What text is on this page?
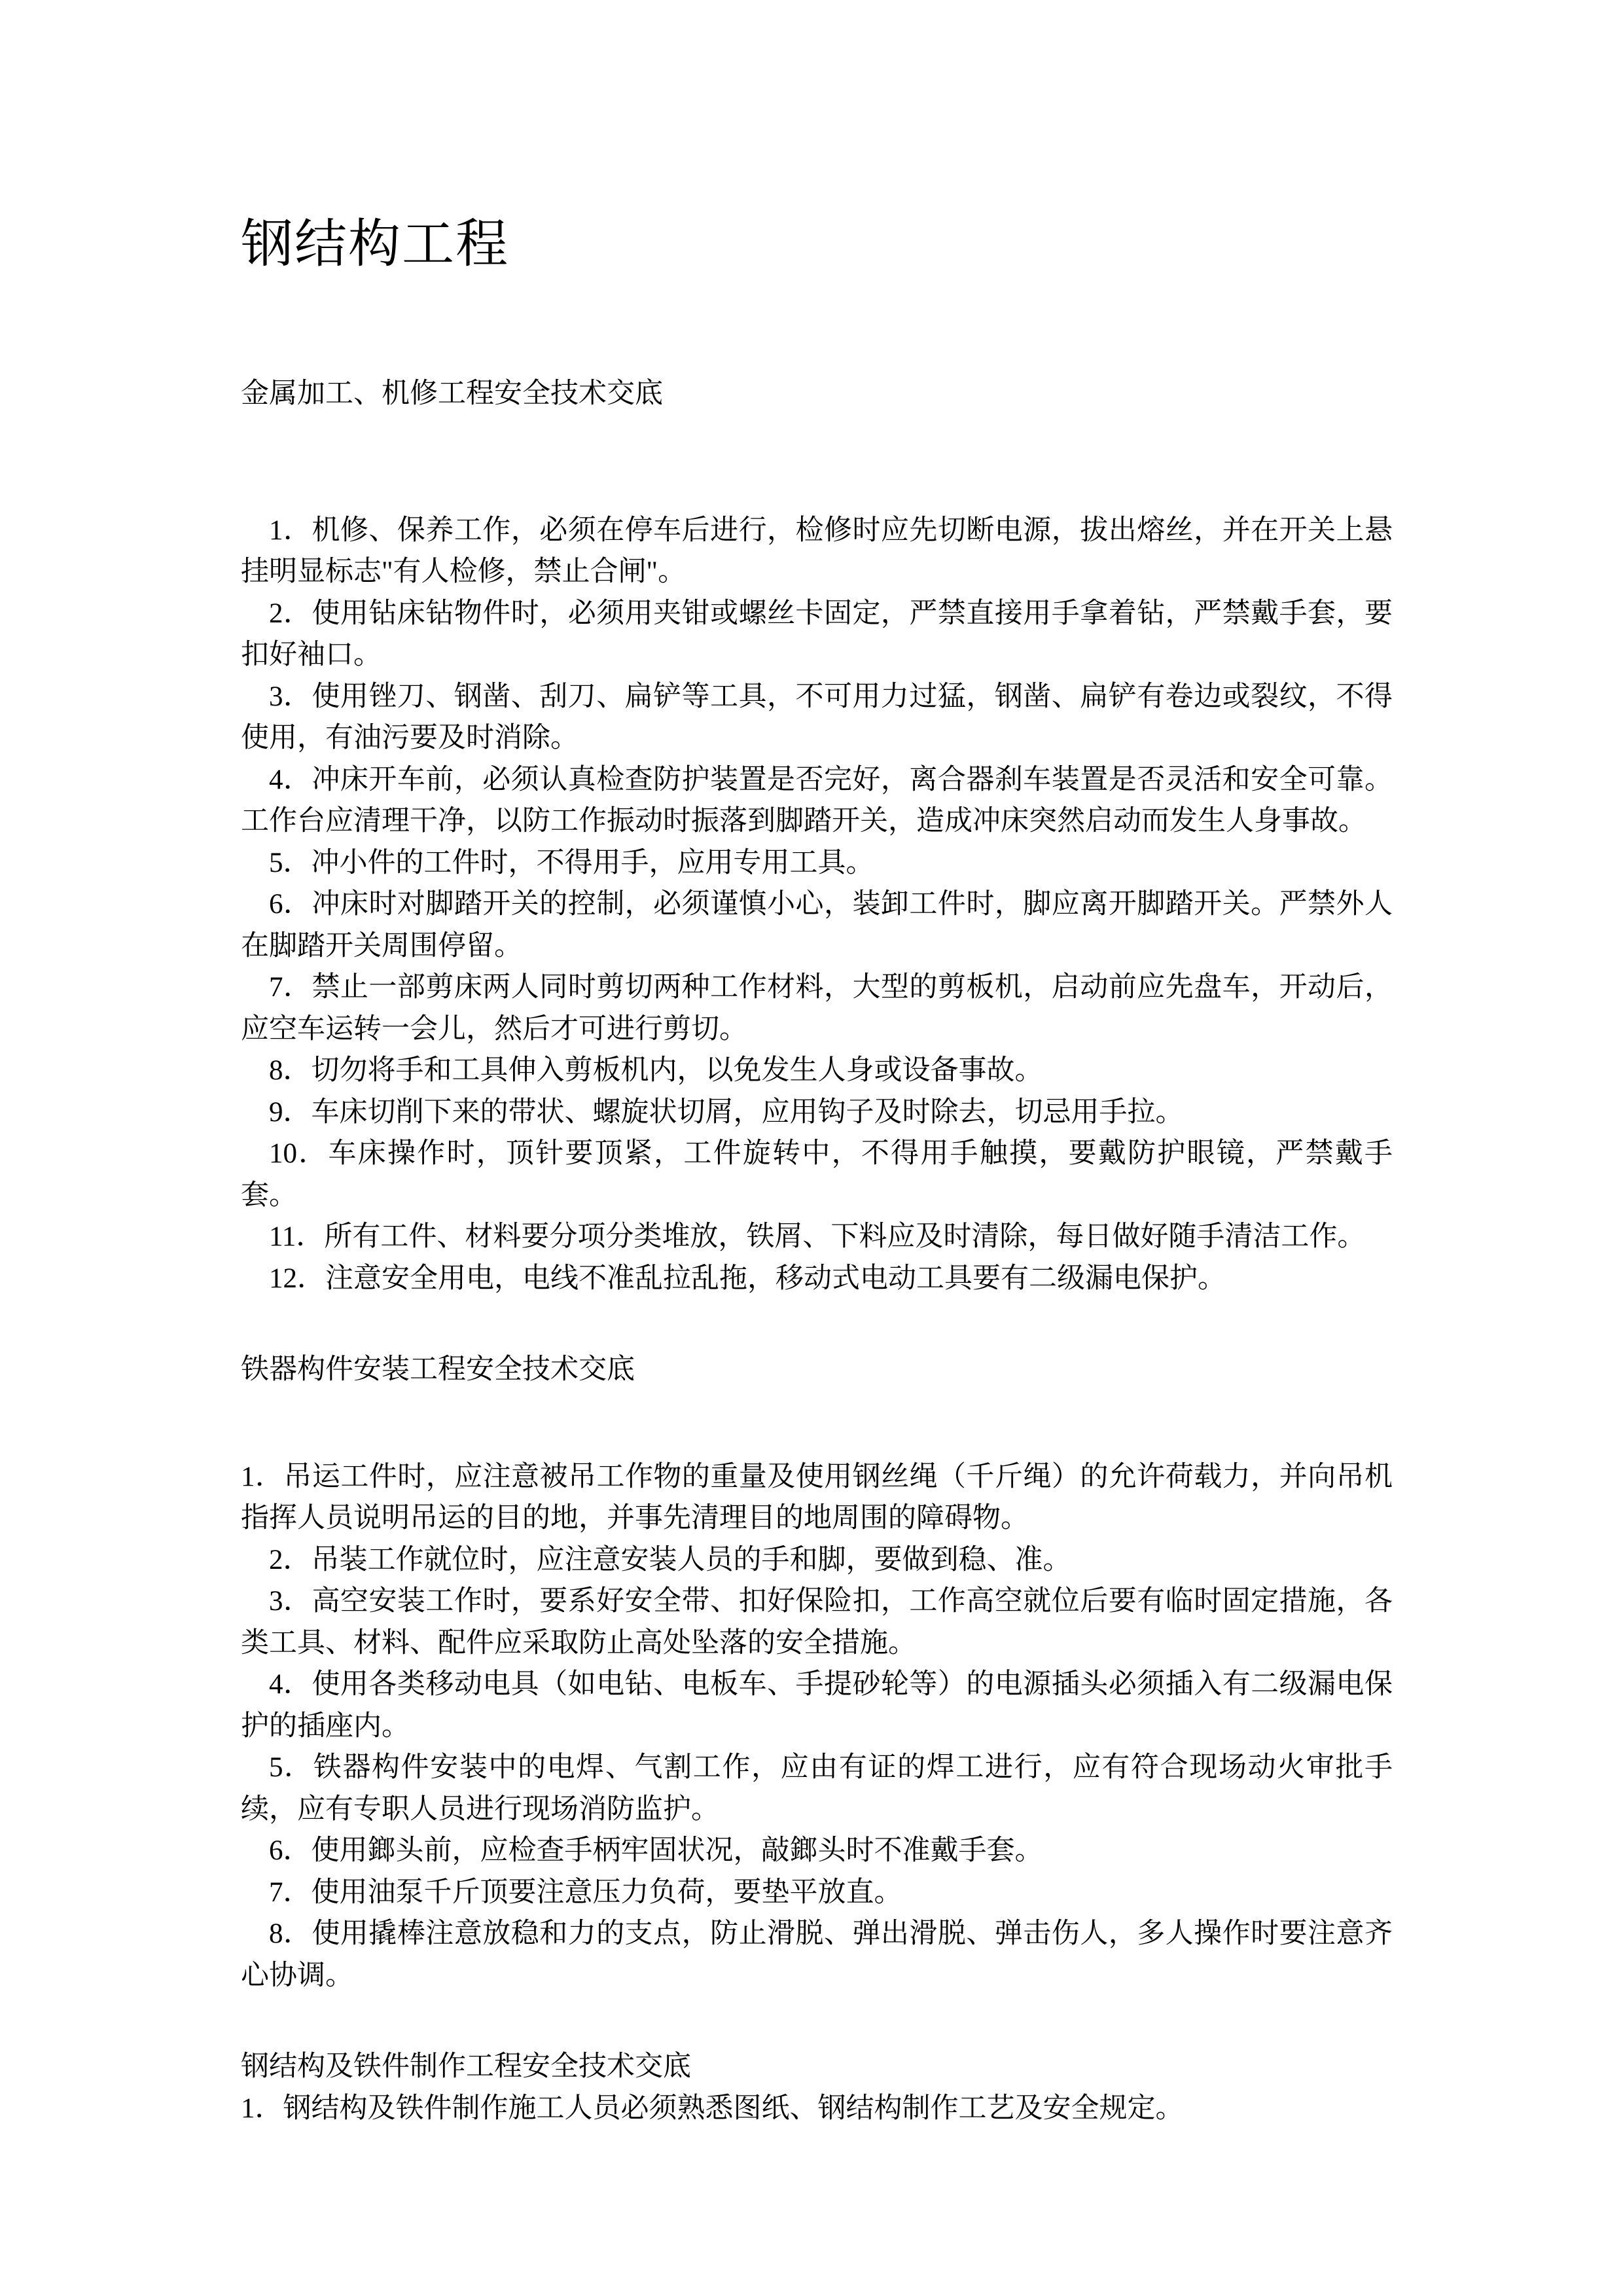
钢结构工程
金属加工、机修工程安全技术交底

1．机修、保养工作，必须在停车后进行，检修时应先切断电源，拔出熔丝，并在开关上悬挂明显标志"有人检修，禁止合闸"。

2．使用钻床钻物件时，必须用夹钳或螺丝卡固定，严禁直接用手拿着钻，严禁戴手套，要扣好袖口。

3．使用锉刀、钢凿、刮刀、扁铲等工具，不可用力过猛，钢凿、扁铲有卷边或裂纹，不得使用，有油污要及时消除。

4．冲床开车前，必须认真检查防护装置是否完好，离合器刹车装置是否灵活和安全可靠。工作台应清理干净，以防工作振动时振落到脚踏开关，造成冲床突然启动而发生人身事故。

5．冲小件的工件时，不得用手，应用专用工具。

6．冲床时对脚踏开关的控制，必须谨慎小心，装卸工件时，脚应离开脚踏开关。严禁外人在脚踏开关周围停留。

7．禁止一部剪床两人同时剪切两种工作材料，大型的剪板机，启动前应先盘车，开动后，应空车运转一会儿，然后才可进行剪切。

8．切勿将手和工具伸入剪板机内，以免发生人身或设备事故。

9．车床切削下来的带状、螺旋状切屑，应用钩子及时除去，切忌用手拉。

10．车床操作时，顶针要顶紧，工件旋转中，不得用手触摸，要戴防护眼镜，严禁戴手套。

11．所有工件、材料要分项分类堆放，铁屑、下料应及时清除，每日做好随手清洁工作。

12．注意安全用电，电线不准乱拉乱拖，移动式电动工具要有二级漏电保护。

铁器构件安装工程安全技术交底

1．吊运工件时，应注意被吊工作物的重量及使用钢丝绳（千斤绳）的允许荷载力，并向吊机指挥人员说明吊运的目的地，并事先清理目的地周围的障碍物。

2．吊装工作就位时，应注意安装人员的手和脚，要做到稳、准。

3．高空安装工作时，要系好安全带、扣好保险扣，工作高空就位后要有临时固定措施，各类工具、材料、配件应采取防止高处坠落的安全措施。

4．使用各类移动电具（如电钻、电板车、手提砂轮等）的电源插头必须插入有二级漏电保护的插座内。

5．铁器构件安装中的电焊、气割工作，应由有证的焊工进行，应有符合现场动火审批手续，应有专职人员进行现场消防监护。

6．使用鎯头前，应检查手柄牢固状况，敲鎯头时不准戴手套。

7．使用油泵千斤顶要注意压力负荷，要垫平放直。

8．使用撬棒注意放稳和力的支点，防止滑脱、弹出滑脱、弹击伤人，多人操作时要注意齐心协调。

钢结构及铁件制作工程安全技术交底

1．钢结构及铁件制作施工人员必须熟悉图纸、钢结构制作工艺及安全规定。
